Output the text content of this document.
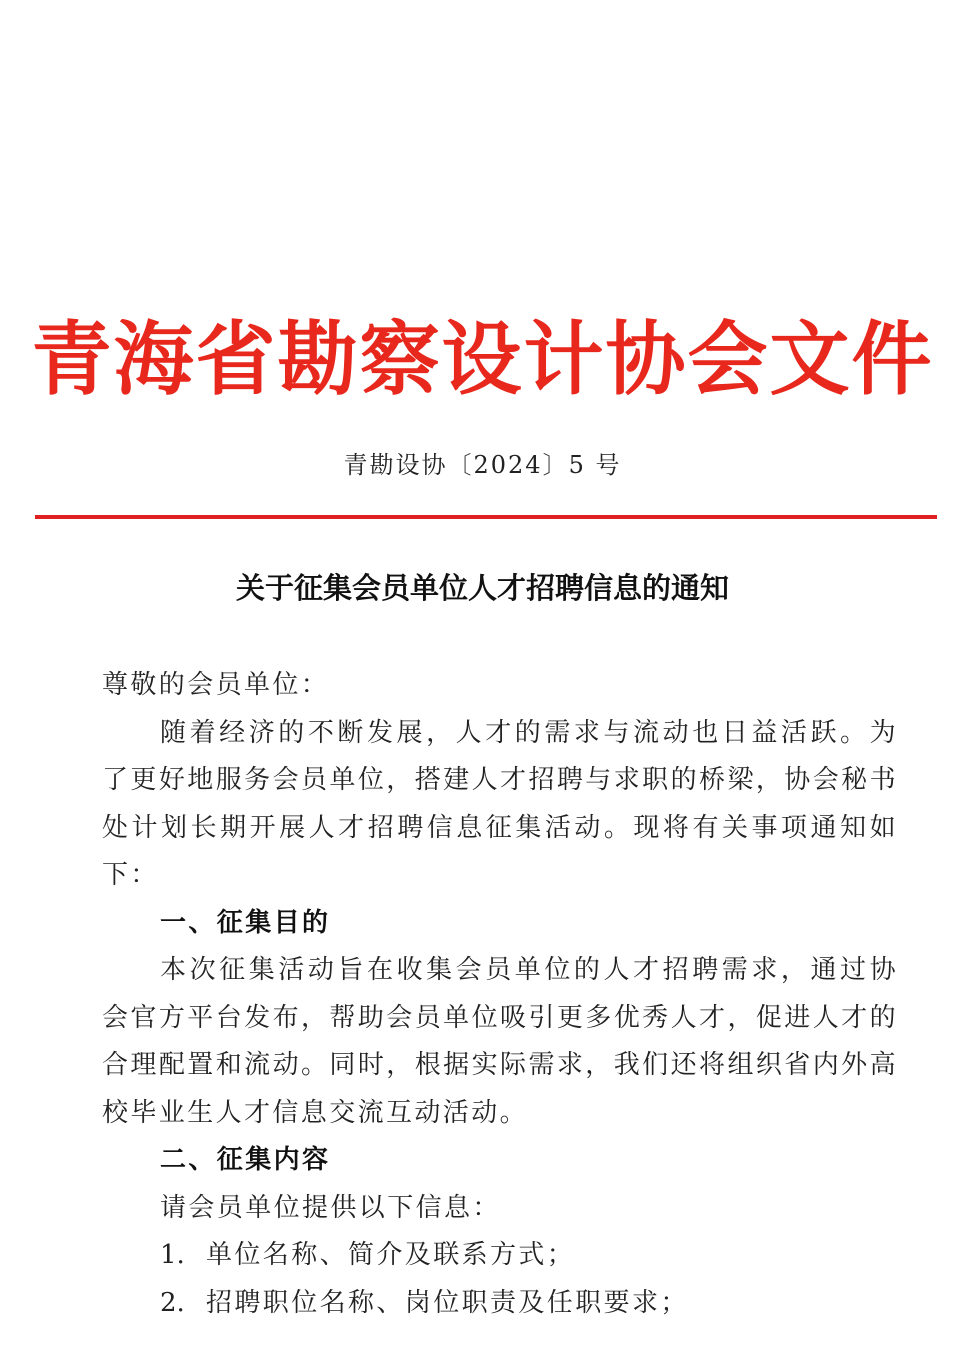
青海省勘察设计协会文件
青勘设协〔2024〕5 号
关于征集会员单位人才招聘信息的通知

尊敬的会员单位：

随着经济的不断发展，人才的需求与流动也日益活跃。为了更好地服务会员单位，搭建人才招聘与求职的桥梁，协会秘书处计划长期开展人才招聘信息征集活动。现将有关事项通知如下：

一、征集目的

本次征集活动旨在收集会员单位的人才招聘需求，通过协会官方平台发布，帮助会员单位吸引更多优秀人才，促进人才的合理配置和流动。同时，根据实际需求，我们还将组织省内外高校毕业生人才信息交流互动活动。

二、征集内容

请会员单位提供以下信息：

1. 单位名称、简介及联系方式；

2. 招聘职位名称、岗位职责及任职要求；
